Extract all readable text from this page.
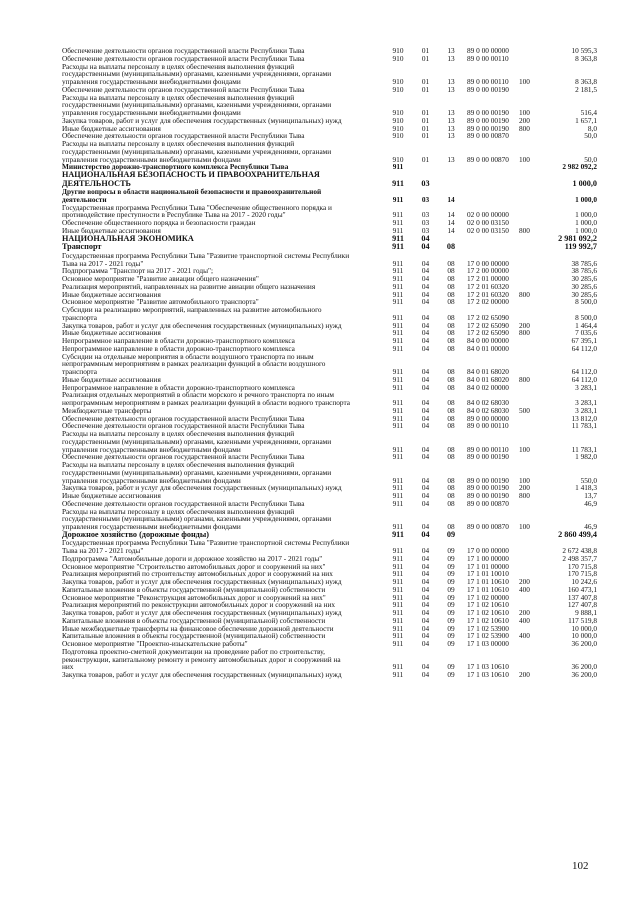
Обеспечение деятельности органов государственной власти Республики Тыва	910	01	13	89 0 00 00000	10 595,3
Обеспечение деятельности органов государственной власти Республики Тыва	910	01	13	89 0 00 00110	8 363,8
Расходы на выплаты персоналу в целях обеспечения выполнения функций
государственными (муниципальными) органами, казенными учреждениями, органами
управления государственными внебюджетными фондами	910	01	13	89 0 00 00110	100	8 363,8
Обеспечение деятельности органов государственной власти Республики Тыва	910	01	13	89 0 00 00190	2 181,5
Расходы на выплаты персоналу в целях обеспечения выполнения функций
государственными (муниципальными) органами, казенными учреждениями, органами
управления государственными внебюджетными фондами	910	01	13	89 0 00 00190	100	516,4
Закупка товаров, работ и услуг для обеспечения государственных (муниципальных) нужд	910	01	13	89 0 00 00190	200	1 657,1
Иные бюджетные ассигнования	910	01	13	89 0 00 00190	800	8,0
Обеспечение деятельности органов государственной власти Республики Тыва	910	01	13	89 0 00 00870	50,0
Расходы на выплаты персоналу в целях обеспечения выполнения функций
государственными (муниципальными) органами, казенными учреждениями, органами
управления государственными внебюджетными фондами	910	01	13	89 0 00 00870	100	50,0
Министерство дорожно-транспортного комплекса Республики Тыва	911	2 982 092,2
НАЦИОНАЛЬНАЯ БЕЗОПАСНОСТЬ И ПРАВООХРАНИТЕЛЬНАЯ
ДЕЯТЕЛЬНОСТЬ	911	03	1 000,0
Другие вопросы в области национальной безопасности и правоохранительной
деятельности	911	03	14	1 000,0
Государственная программа Республики Тыва "Обеспечение общественного порядка и
противодействие преступности в Республике Тыва на 2017 - 2020 годы"	911	03	14	02 0 00 00000	1 000,0
Обеспечение общественного порядка и безопасности граждан	911	03	14	02 0 00 03150	1 000,0
Иные бюджетные ассигнования	911	03	14	02 0 00 03150	800	1 000,0
НАЦИОНАЛЬНАЯ ЭКОНОМИКА	911	04	2 981 092,2
Транспорт	911	04	08	119 992,7
Государственная программа Республики Тыва "Развитие транспортной системы Республики
Тыва на 2017 - 2021 годы"	911	04	08	17 0 00 00000	38 785,6
Подпрограмма "Транспорт на 2017 - 2021 годы";	911	04	08	17 2 00 00000	38 785,6
Основное мероприятие "Развитие авиации общего назначения"	911	04	08	17 2 01 00000	30 285,6
Реализация мероприятий, направленных на развитие авиации общего назначения	911	04	08	17 2 01 60320	30 285,6
Иные бюджетные ассигнования	911	04	08	17 2 01 60320	800	30 285,6
Основное мероприятие "Развитие автомобильного транспорта"	911	04	08	17 2 02 00000	8 500,0
Субсидии на реализацию мероприятий, направленных на развитие автомобильного
транспорта	911	04	08	17 2 02 65090	8 500,0
Закупка товаров, работ и услуг для обеспечения государственных (муниципальных) нужд	911	04	08	17 2 02 65090	200	1 464,4
Иные бюджетные ассигнования	911	04	08	17 2 02 65090	800	7 035,6
Непрограммное направление в области дорожно-транспортного комплекса	911	04	08	84 0 00 00000	67 395,1
Непрограммное направление в области дорожно-транспортного комплекса	911	04	08	84 0 01 00000	64 112,0
Субсидии на отдельные мероприятия в области воздушного транспорта по иным
непрограммным мероприятиям в рамках реализации функций в области воздушного
транспорта	911	04	08	84 0 01 68020	64 112,0
Иные бюджетные ассигнования	911	04	08	84 0 01 68020	800	64 112,0
Непрограммное направление в области дорожно-транспортного комплекса	911	04	08	84 0 02 00000	3 283,1
Реализация отдельных мероприятий в области морского и речного транспорта по иным
непрограммным мероприятиям в рамках реализации функций в области водного транспорта	911	04	08	84 0 02 68030	3 283,1
Межбюджетные трансферты	911	04	08	84 0 02 68030	500	3 283,1
Обеспечение деятельности органов государственной власти Республики Тыва	911	04	08	89 0 00 00000	13 812,0
Обеспечение деятельности органов государственной власти Республики Тыва	911	04	08	89 0 00 00110	11 783,1
Расходы на выплаты персоналу в целях обеспечения выполнения функций
государственными (муниципальными) органами, казенными учреждениями, органами
управления государственными внебюджетными фондами	911	04	08	89 0 00 00110	100	11 783,1
Обеспечение деятельности органов государственной власти Республики Тыва	911	04	08	89 0 00 00190	1 982,0
Расходы на выплаты персоналу в целях обеспечения выполнения функций
государственными (муниципальными) органами, казенными учреждениями, органами
управления государственными внебюджетными фондами	911	04	08	89 0 00 00190	100	550,0
Закупка товаров, работ и услуг для обеспечения государственных (муниципальных) нужд	911	04	08	89 0 00 00190	200	1 418,3
Иные бюджетные ассигнования	911	04	08	89 0 00 00190	800	13,7
Обеспечение деятельности органов государственной власти Республики Тыва	911	04	08	89 0 00 00870	46,9
Расходы на выплаты персоналу в целях обеспечения выполнения функций
государственными (муниципальными) органами, казенными учреждениями, органами
управления государственными внебюджетными фондами	911	04	08	89 0 00 00870	100	46,9
Дорожное хозяйство (дорожные фонды)	911	04	09	2 860 499,4
Государственная программа Республики Тыва "Развитие транспортной системы Республики
Тыва на 2017 - 2021 годы"	911	04	09	17 0 00 00000	2 672 438,8
Подпрограмма "Автомобильные дороги и дорожное хозяйство на 2017 - 2021 годы"	911	04	09	17 1 00 00000	2 498 357,7
Основное мероприятие "Строительство автомобильных дорог и сооружений на них"	911	04	09	17 1 01 00000	170 715,8
Реализация мероприятий по строительству автомобильных дорог и сооружений на них	911	04	09	17 1 01 10010	170 715,8
Закупка товаров, работ и услуг для обеспечения государственных (муниципальных) нужд	911	04	09	17 1 01 10610	200	10 242,6
Капитальные вложения в объекты государственной (муниципальной) собственности	911	04	09	17 1 01 10610	400	160 473,1
Основное мероприятие "Реконструкция автомобильных дорог и сооружений на них"	911	04	09	17 1 02 00000	137 407,8
Реализация мероприятий по реконструкции автомобильных дорог и сооружений на них	911	04	09	17 1 02 10610	127 407,8
Закупка товаров, работ и услуг для обеспечения государственных (муниципальных) нужд	911	04	09	17 1 02 10610	200	9 888,1
Капитальные вложения в объекты государственной (муниципальной) собственности	911	04	09	17 1 02 10610	400	117 519,8
Иные межбюджетные трансферты на финансовое обеспечение дорожной деятельности	911	04	09	17 1 02 53900	10 000,0
Капитальные вложения в объекты государственной (муниципальной) собственности	911	04	09	17 1 02 53900	400	10 000,0
Основное мероприятие "Проектно-изыскательские работы"	911	04	09	17 1 03 00000	36 200,0
Подготовка проектно-сметной документации на проведение работ по строительству,
реконструкции, капитальному ремонту и ремонту автомобильных дорог и сооружений на
них	911	04	09	17 1 03 10610	36 200,0
Закупка товаров, работ и услуг для обеспечения государственных (муниципальных) нужд	911	04	09	17 1 03 10610	200	36 200,0
102
